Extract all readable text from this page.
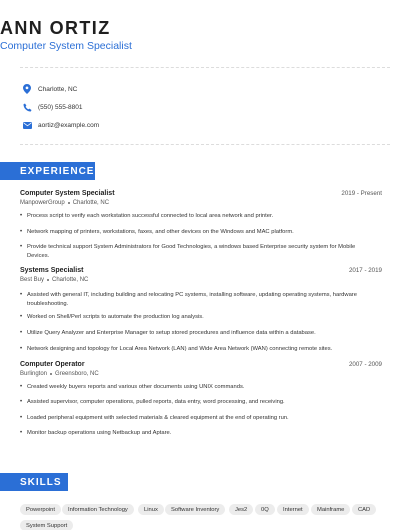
ANN ORTIZ
Computer System Specialist
Charlotte, NC
(550) 555-8801
aortiz@example.com
EXPERIENCE
Computer System Specialist	2019 - Present
ManpowerGroup Charlotte, NC
• Process script to verify each workstation successful connected to local area network and printer.
• Network mapping of printers, workstations, faxes, and other devices on the Windows and MAC platform.
• Provide technical support System Administrators for Good Technologies, a windows based Enterprise security system for Mobile Devices.
Systems Specialist	2017 - 2019
Best Buy Charlotte, NC
• Assisted with general IT, including building and relocating PC systems, installing software, updating operating systems, hardware troubleshooting.
• Worked on Shell/Perl scripts to automate the production log analysis.
• Utilize Query Analyzer and Enterprise Manager to setup stored procedures and influence data within a database.
• Network designing and topology for Local Area Network (LAN) and Wide Area Network (WAN) connecting remote sites.
Computer Operator	2007 - 2009
Burlington Greensboro, NC
• Created weekly buyers reports and various other documents using UNIX commands.
• Assisted supervisor, computer operations, pulled reports, data entry, word processing, and receiving.
• Loaded peripheral equipment with selected materials & cleared equipment at the end of operating run.
• Monitor backup operations using Netbackup and Aptare.
SKILLS
Powerpoint	Information Technology	Linux	Software Inventory	Jes2	0Q	Internet	Mainframe	CAD
System Support
